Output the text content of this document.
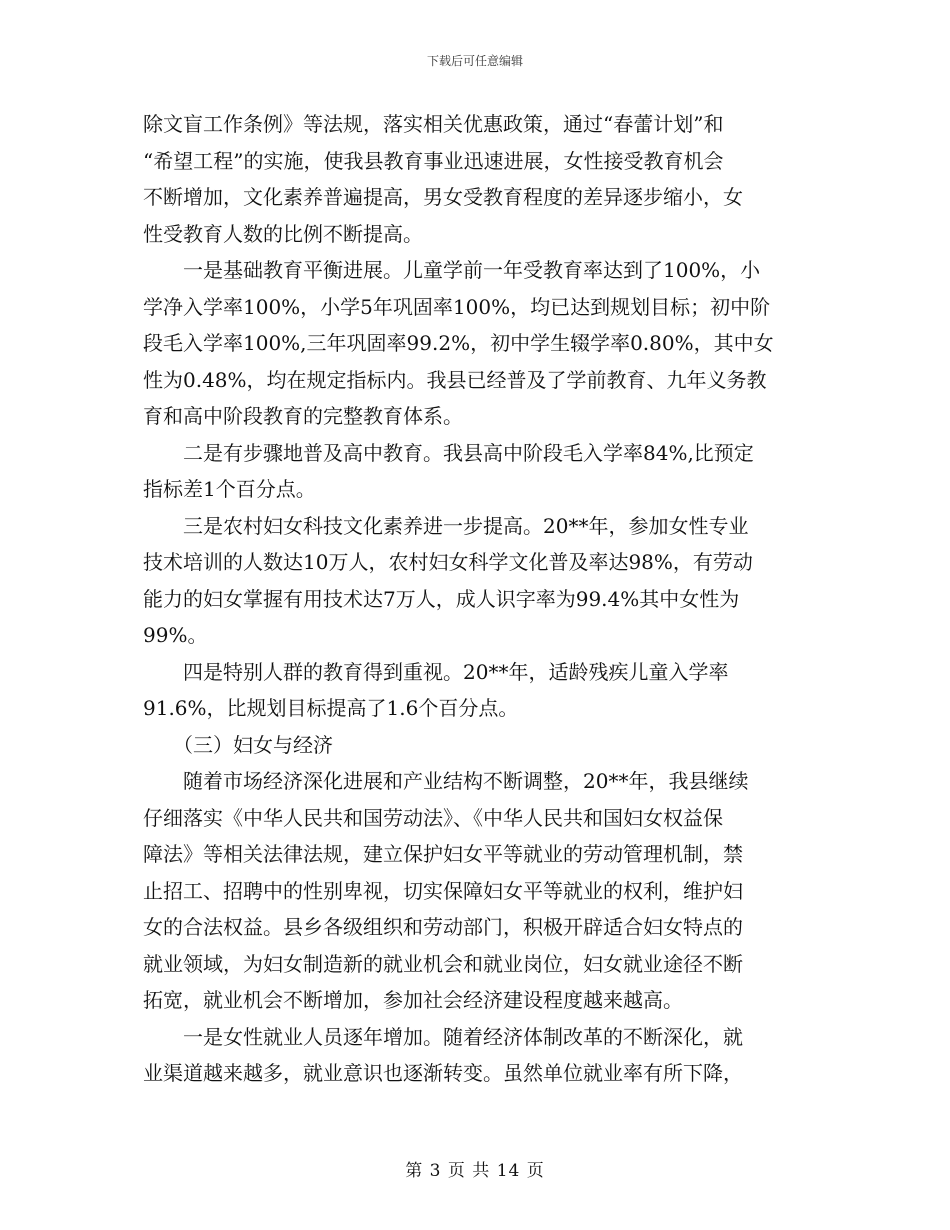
下载后可任意编辑
除文盲工作条例》等法规，落实相关优惠政策，通过“春蕾计划”和
“希望工程”的实施，使我县教育事业迅速进展，女性接受教育机会
不断增加，文化素养普遍提高，男女受教育程度的差异逐步缩小，女
性受教育人数的比例不断提高。
　　一是基础教育平衡进展。儿童学前一年受教育率达到了100%，小
学净入学率100%，小学5年巩固率100%，均已达到规划目标；初中阶
段毛入学率100%,三年巩固率99.2%，初中学生辍学率0.80%，其中女
性为0.48%，均在规定指标内。我县已经普及了学前教育、九年义务教
育和高中阶段教育的完整教育体系。
　　二是有步骤地普及高中教育。我县高中阶段毛入学率84%,比预定
指标差1个百分点。
　　三是农村妇女科技文化素养进一步提高。20**年，参加女性专业
技术培训的人数达10万人，农村妇女科学文化普及率达98%，有劳动
能力的妇女掌握有用技术达7万人，成人识字率为99.4%其中女性为
99%。
　　四是特别人群的教育得到重视。20**年，适龄残疾儿童入学率
91.6%，比规划目标提高了1.6个百分点。
　　（三）妇女与经济
　　随着市场经济深化进展和产业结构不断调整，20**年，我县继续
仔细落实《中华人民共和国劳动法》、《中华人民共和国妇女权益保
障法》等相关法律法规，建立保护妇女平等就业的劳动管理机制，禁
止招工、招聘中的性别卑视，切实保障妇女平等就业的权利，维护妇
女的合法权益。县乡各级组织和劳动部门，积极开辟适合妇女特点的
就业领域，为妇女制造新的就业机会和就业岗位，妇女就业途径不断
拓宽，就业机会不断增加，参加社会经济建设程度越来越高。
　　一是女性就业人员逐年增加。随着经济体制改革的不断深化，就
业渠道越来越多，就业意识也逐渐转变。虽然单位就业率有所下降，
第 3 页 共 14 页
